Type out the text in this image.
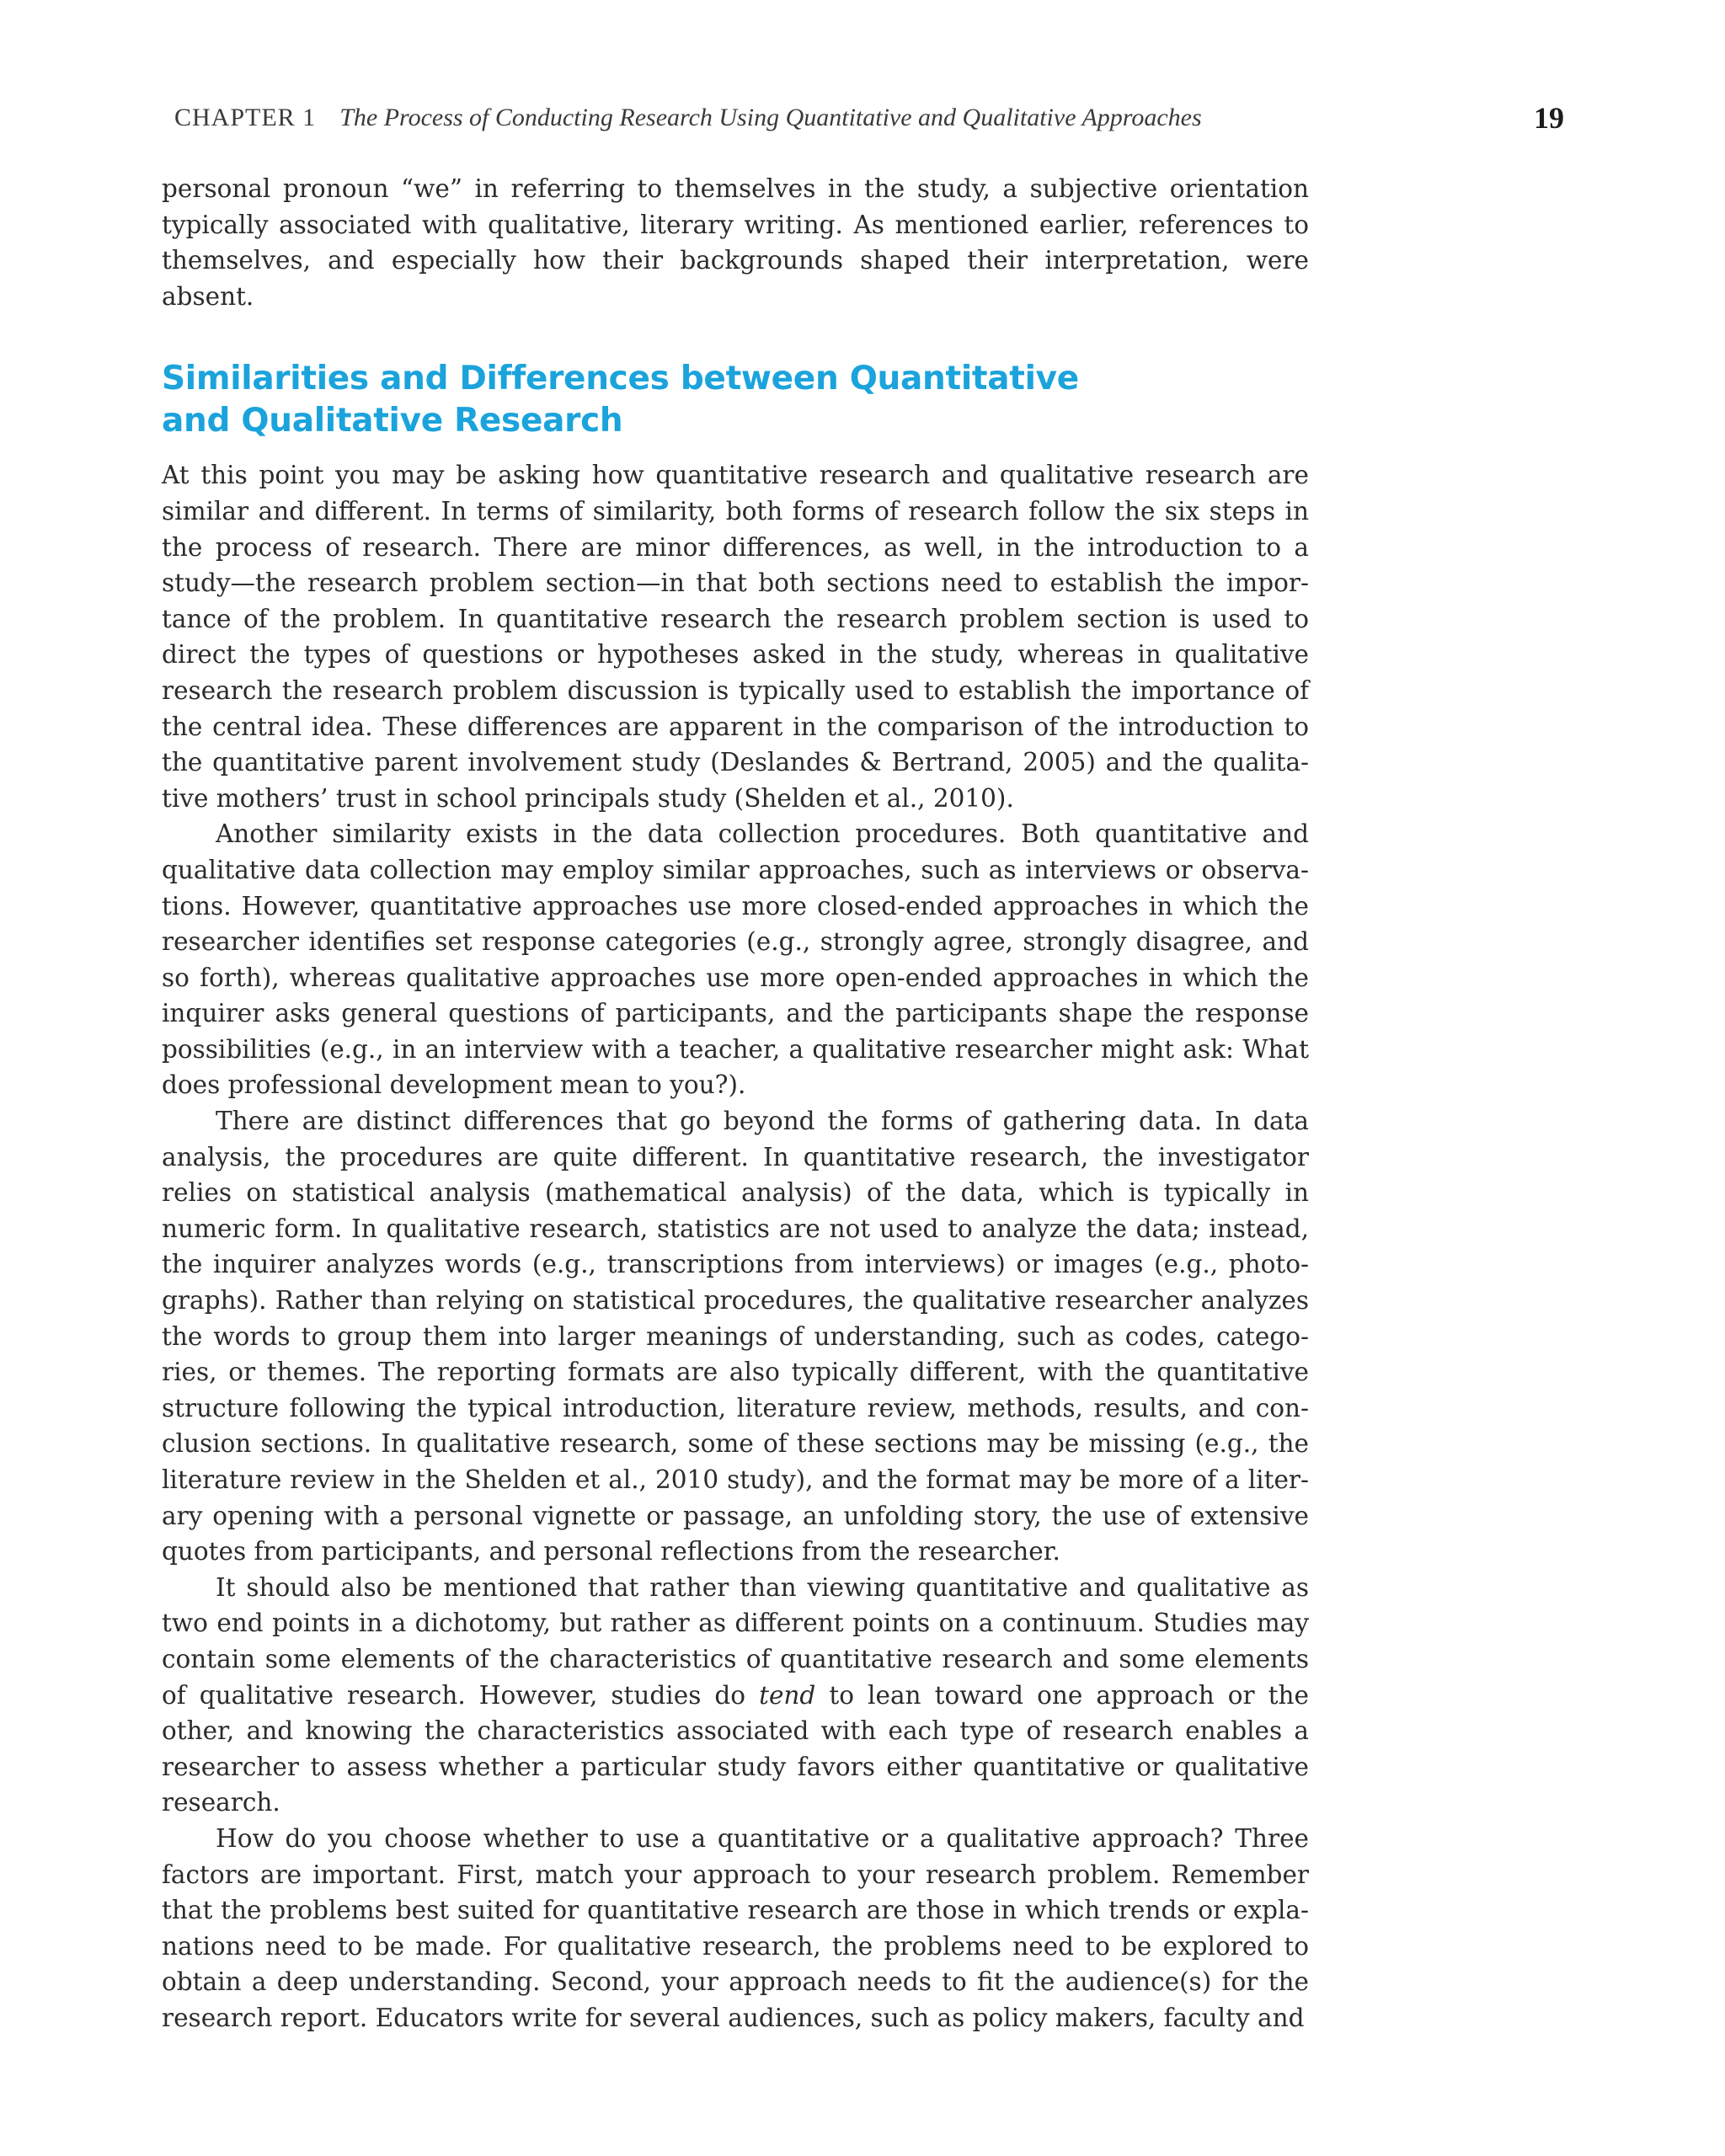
CHAPTER 1 The Process of Conducting Research Using Quantitative and Qualitative Approaches	19

personal pronoun “we” in referring to themselves in the study, a subjective orientation typically associated with qualitative, literary writing. As mentioned earlier, references to themselves, and especially how their backgrounds shaped their interpretation, were absent.

Similarities and Differences between Quantitative
and Qualitative Research

At this point you may be asking how quantitative research and qualitative research are similar and different. In terms of similarity, both forms of research follow the six steps in the process of research. There are minor differences, as well, in the introduction to a study—the research problem section—in that both sections need to establish the importance of the problem. In quantitative research the research problem section is used to direct the types of questions or hypotheses asked in the study, whereas in qualitative research the research problem discussion is typically used to establish the importance of the central idea. These differences are apparent in the comparison of the introduction to the quantitative parent involvement study (Deslandes & Bertrand, 2005) and the qualitative mothers’ trust in school principals study (Shelden et al., 2010).

Another similarity exists in the data collection procedures. Both quantitative and qualitative data collection may employ similar approaches, such as interviews or observations. However, quantitative approaches use more closed-ended approaches in which the researcher identifies set response categories (e.g., strongly agree, strongly disagree, and so forth), whereas qualitative approaches use more open-ended approaches in which the inquirer asks general questions of participants, and the participants shape the response possibilities (e.g., in an interview with a teacher, a qualitative researcher might ask: What does professional development mean to you?).

There are distinct differences that go beyond the forms of gathering data. In data analysis, the procedures are quite different. In quantitative research, the investigator relies on statistical analysis (mathematical analysis) of the data, which is typically in numeric form. In qualitative research, statistics are not used to analyze the data; instead, the inquirer analyzes words (e.g., transcriptions from interviews) or images (e.g., photographs). Rather than relying on statistical procedures, the qualitative researcher analyzes the words to group them into larger meanings of understanding, such as codes, categories, or themes. The reporting formats are also typically different, with the quantitative structure following the typical introduction, literature review, methods, results, and conclusion sections. In qualitative research, some of these sections may be missing (e.g., the literature review in the Shelden et al., 2010 study), and the format may be more of a literary opening with a personal vignette or passage, an unfolding story, the use of extensive quotes from participants, and personal reflections from the researcher.

It should also be mentioned that rather than viewing quantitative and qualitative as two end points in a dichotomy, but rather as different points on a continuum. Studies may contain some elements of the characteristics of quantitative research and some elements of qualitative research. However, studies do tend to lean toward one approach or the other, and knowing the characteristics associated with each type of research enables a researcher to assess whether a particular study favors either quantitative or qualitative research.

How do you choose whether to use a quantitative or a qualitative approach? Three factors are important. First, match your approach to your research problem. Remember that the problems best suited for quantitative research are those in which trends or explanations need to be made. For qualitative research, the problems need to be explored to obtain a deep understanding. Second, your approach needs to fit the audience(s) for the research report. Educators write for several audiences, such as policy makers, faculty and
